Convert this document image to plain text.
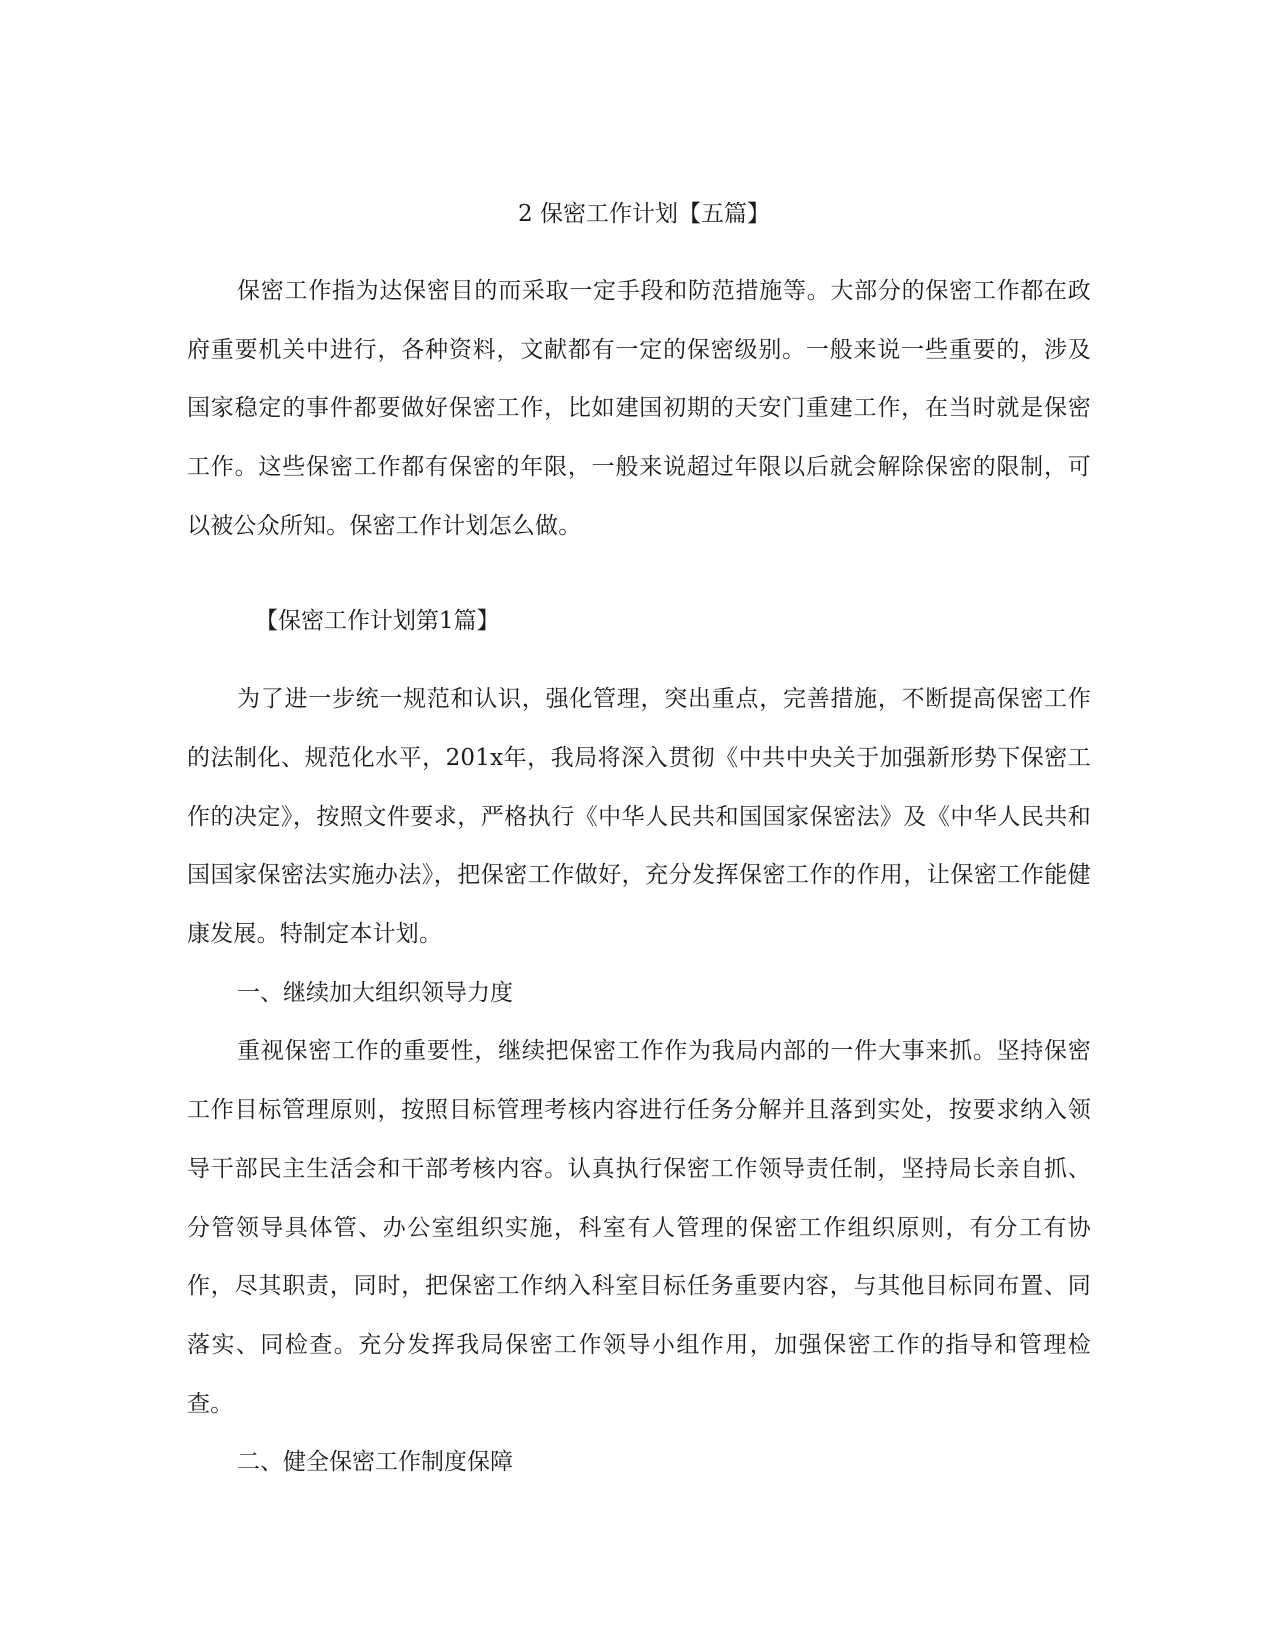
2 保密工作计划【五篇】

保密工作指为达保密目的而采取一定手段和防范措施等。大部分的保密工作都在政府重要机关中进行，各种资料，文献都有一定的保密级别。一般来说一些重要的，涉及国家稳定的事件都要做好保密工作，比如建国初期的天安门重建工作，在当时就是保密工作。这些保密工作都有保密的年限，一般来说超过年限以后就会解除保密的限制，可以被公众所知。保密工作计划怎么做。

【保密工作计划第1篇】

为了进一步统一规范和认识，强化管理，突出重点，完善措施，不断提高保密工作的法制化、规范化水平，201x年，我局将深入贯彻《中共中央关于加强新形势下保密工作的决定》，按照文件要求，严格执行《中华人民共和国国家保密法》及《中华人民共和国国家保密法实施办法》，把保密工作做好，充分发挥保密工作的作用，让保密工作能健康发展。特制定本计划。

一、继续加大组织领导力度

重视保密工作的重要性，继续把保密工作作为我局内部的一件大事来抓。坚持保密工作目标管理原则，按照目标管理考核内容进行任务分解并且落到实处，按要求纳入领导干部民主生活会和干部考核内容。认真执行保密工作领导责任制，坚持局长亲自抓、分管领导具体管、办公室组织实施，科室有人管理的保密工作组织原则，有分工有协作，尽其职责，同时，把保密工作纳入科室目标任务重要内容，与其他目标同布置、同落实、同检查。充分发挥我局保密工作领导小组作用，加强保密工作的指导和管理检查。

二、健全保密工作制度保障
